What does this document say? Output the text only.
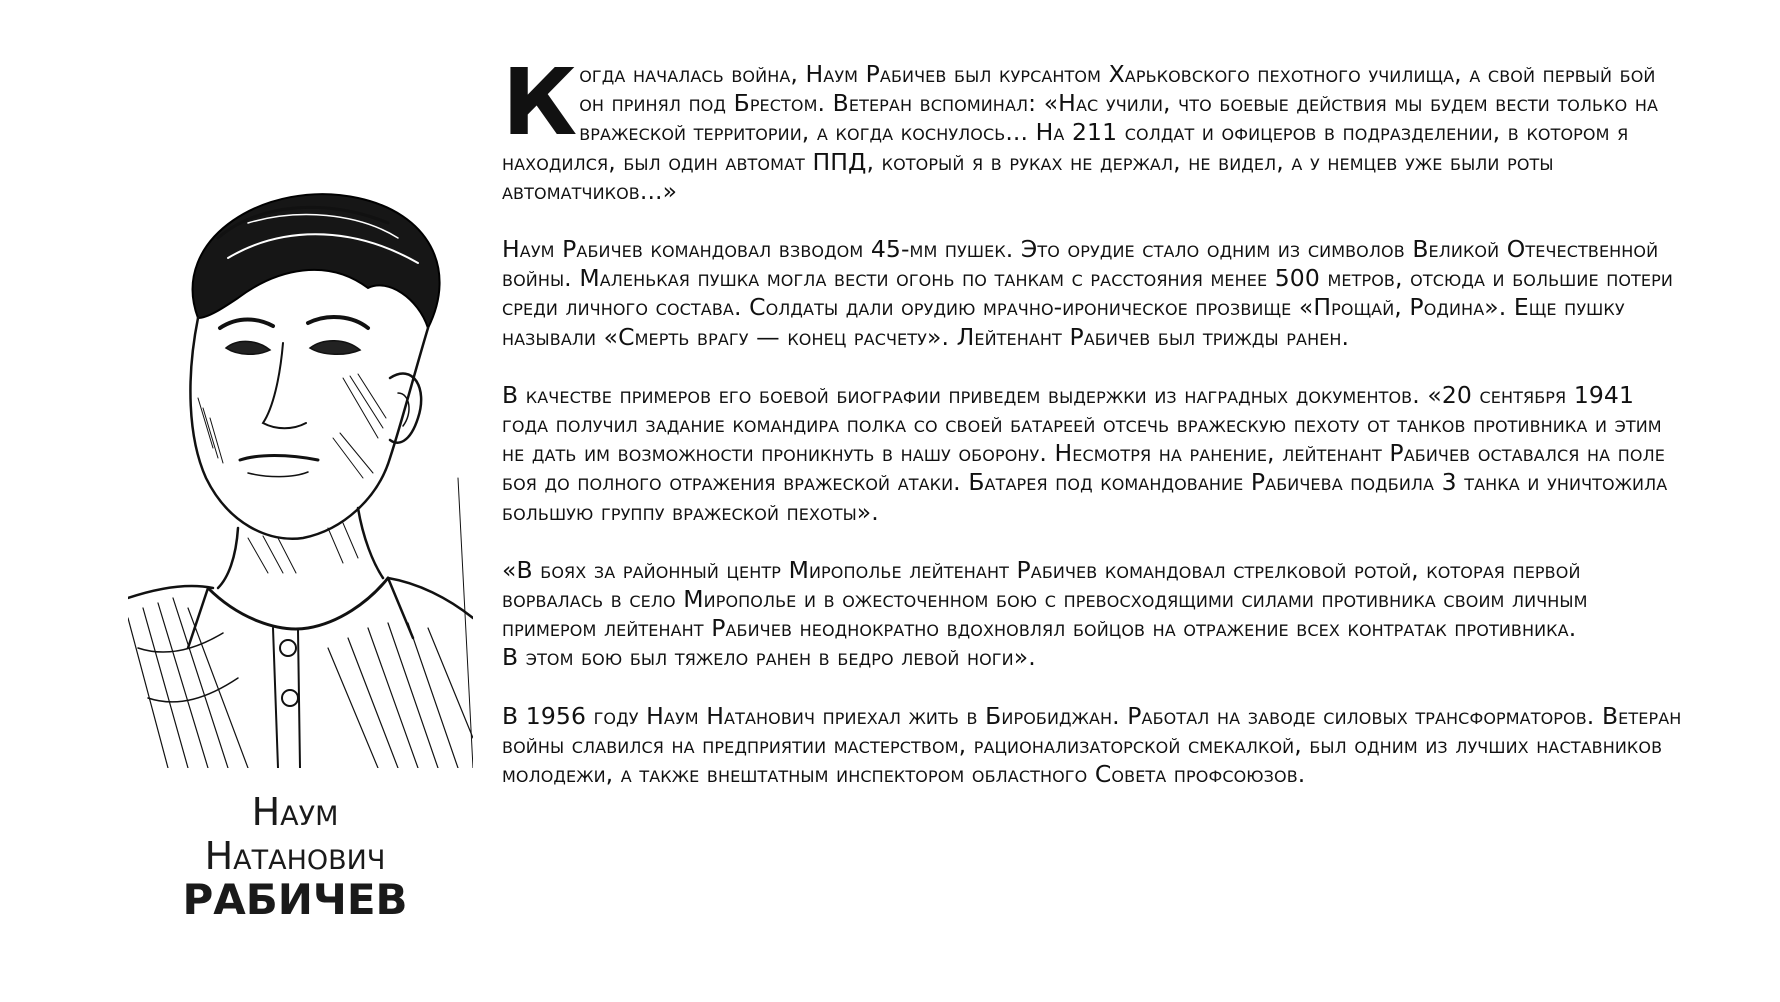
Наум
Натанович
РАБИЧЕВ

К огда началась война, Наум Рабичев был курсантом Харьковского пехотного училища, а свой первый бой он принял под Брестом. Ветеран вспоминал: «Нас учили, что боевые действия мы будем вести только на вражеской территории, а когда коснулось... На 211 солдат и офицеров в подразделении, в котором я находился, был один автомат ППД, который я в руках не держал, не видел, а у немцев уже были роты автоматчиков...»

Наум Рабичев командовал взводом 45-мм пушек. Это орудие стало одним из символов Великой Отечественной войны. Маленькая пушка могла вести огонь по танкам с расстояния менее 500 метров, отсюда и большие потери среди личного состава. Солдаты дали орудию мрачно-ироническое прозвище «Прощай, Родина». Еще пушку называли «Смерть врагу — конец расчету». Лейтенант Рабичев был трижды ранен.

В качестве примеров его боевой биографии приведем выдержки из наградных документов. «20 сентября 1941 года получил задание командира полка со своей батареей отсечь вражескую пехоту от танков противника и этим не дать им возможности проникнуть в нашу оборону. Несмотря на ранение, лейтенант Рабичев оставался на поле боя до полного отражения вражеской атаки. Батарея под командование Рабичева подбила 3 танка и уничтожила большую группу вражеской пехоты».

«В боях за районный центр Мирополье лейтенант Рабичев командовал стрелковой ротой, которая первой ворвалась в село Мирополье и в ожесточенном бою с превосходящими силами противника своим личным примером лейтенант Рабичев неоднократно вдохновлял бойцов на отражение всех контратак противника.
В этом бою был тяжело ранен в бедро левой ноги».

В 1956 году Наум Натанович приехал жить в Биробиджан. Работал на заводе силовых трансформаторов. Ветеран войны славился на предприятии мастерством, рационализаторской смекалкой, был одним из лучших наставников молодежи, а также внештатным инспектором областного Совета профсоюзов.
